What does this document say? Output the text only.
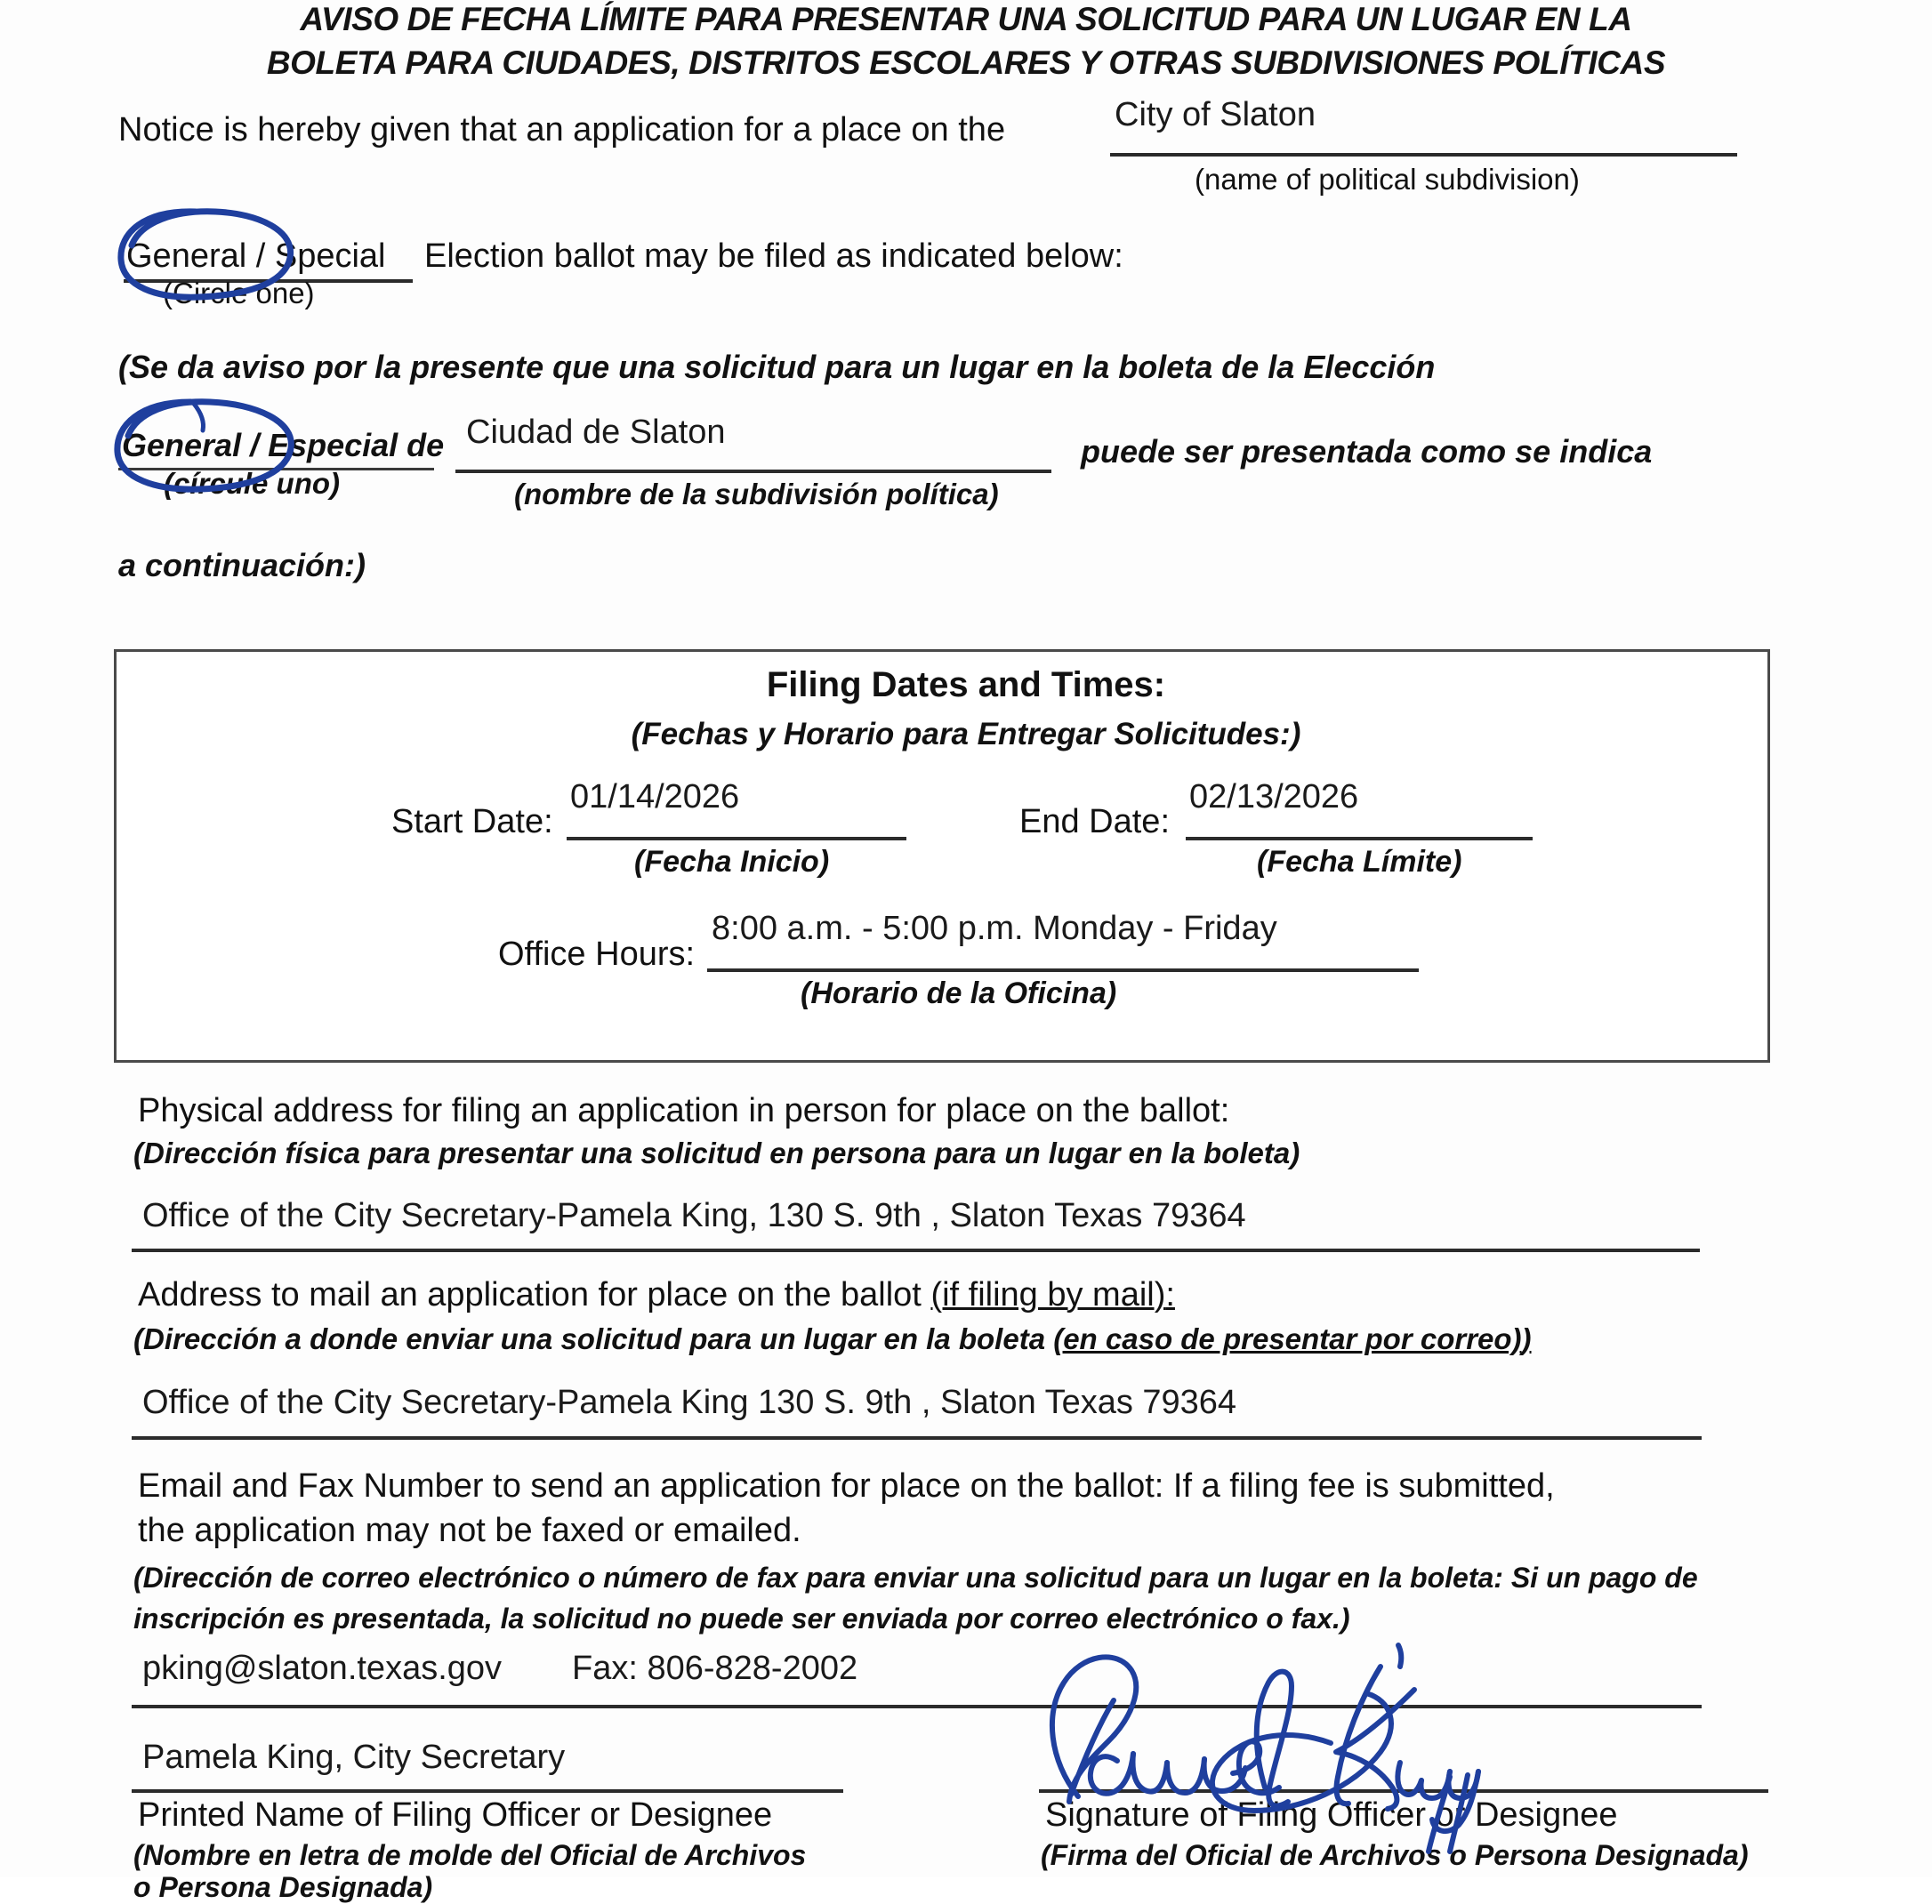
AVISO DE FECHA LÍMITE PARA PRESENTAR UNA SOLICITUD PARA UN LUGAR EN LA
BOLETA PARA CIUDADES, DISTRITOS ESCOLARES Y OTRAS SUBDIVISIONES POLÍTICAS
Notice is hereby given that an application for a place on the	City of Slaton
(name of political subdivision)
General / Special Election ballot may be filed as indicated below:
(Circle one)
(Se da aviso por la presente que una solicitud para un lugar en la boleta de la Elección
General / Especial de
(círcule uno)
Ciudad de Slaton
(nombre de la subdivisión política)
puede ser presentada como se indica
a continuación:)
Filing Dates and Times:
(Fechas y Horario para Entregar Solicitudes:)
Start Date:
01/14/2026
(Fecha Inicio)
End Date:
02/13/2026
(Fecha Límite)
Office Hours:
8:00 a.m. - 5:00 p.m. Monday - Friday
(Horario de la Oficina)
Physical address for filing an application in person for place on the ballot:
(Dirección física para presentar una solicitud en persona para un lugar en la boleta)
Office of the City Secretary-Pamela King, 130 S. 9th , Slaton Texas 79364
Address to mail an application for place on the ballot (if filing by mail):
(Dirección a donde enviar una solicitud para un lugar en la boleta (en caso de presentar por correo))
Office of the City Secretary-Pamela King 130 S. 9th , Slaton Texas 79364
Email and Fax Number to send an application for place on the ballot: If a filing fee is submitted,
the application may not be faxed or emailed.
(Dirección de correo electrónico o número de fax para enviar una solicitud para un lugar en la boleta: Si un pago de
inscripción es presentada, la solicitud no puede ser enviada por correo electrónico o fax.)
pking@slaton.texas.gov Fax: 806-828-2002
Pamela King, City Secretary
Printed Name of Filing Officer or Designee
(Nombre en letra de molde del Oficial de Archivos
o Persona Designada)
Signature of Filing Officer or Designee
(Firma del Oficial de Archivos o Persona Designada)
